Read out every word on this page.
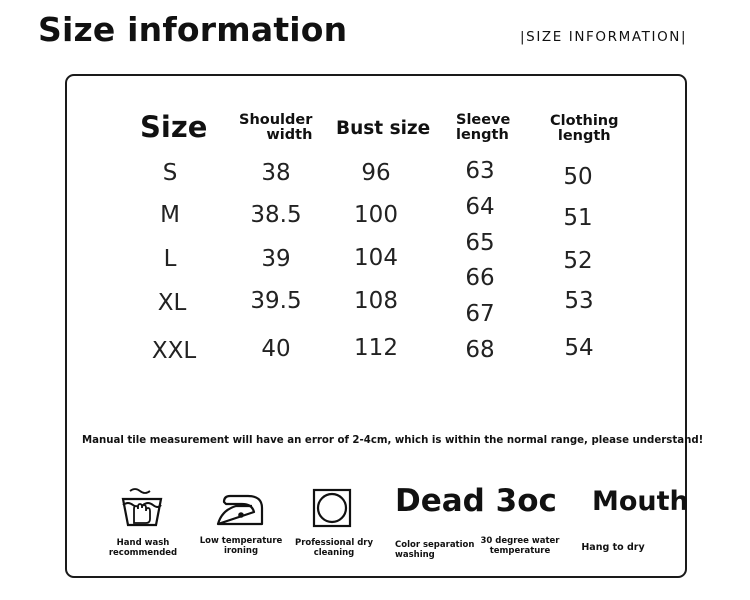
Size information	|SIZE INFORMATION|
Size Shoulder
width Bust size Sleeve
length
Clothing
length
S
M
L
XL
XXL
38
38.5
39
39.5
40
96
100
104
108
112
63
64
65
66
67
68
50
51
52
53
54
Manual tile measurement will have an error of 2-4cm, which is within the normal range, please understand!
Hand wash
recommended
Low temperature
ironing
Professional dry
cleaning
Dead 3oc
Color separation
washing
30 degree water
temperature
Mouth
Hang to dry
